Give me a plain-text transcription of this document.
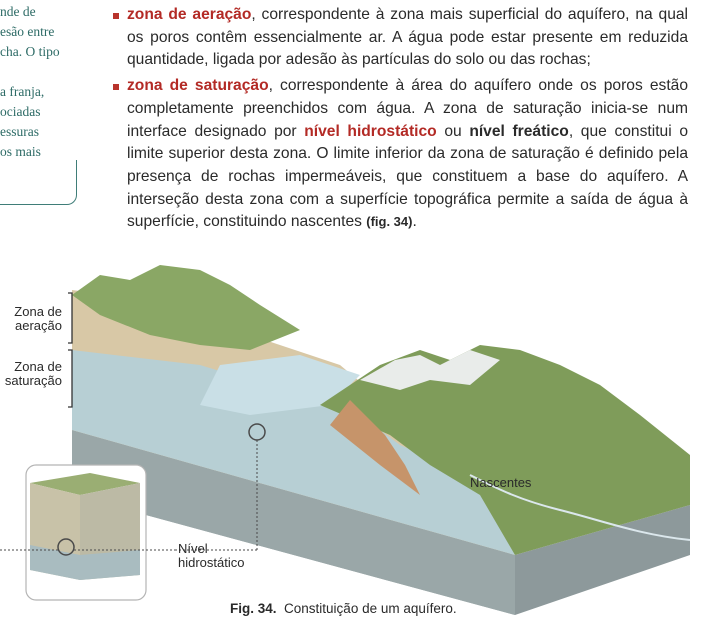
nde de
esão entre
cha. O tipo
a franja,
ociadas
essuras
os mais

zona de aeração, correspondente à zona mais superficial do aquífero, na qual os poros contêm essencialmente ar. A água pode estar presente em reduzida quantidade, ligada por adesão às partículas do solo ou das rochas;

zona de saturação, correspondente à área do aquífero onde os poros estão completamente preenchidos com água. A zona de saturação inicia-se num interface designado por nível hidrostático ou nível freático, que constitui o limite superior desta zona. O limite inferior da zona de saturação é definido pela presença de rochas impermeáveis, que constituem a base do aquífero. A interseção desta zona com a superfície topográfica permite a saída de água à superfície, constituindo nascentes (fig. 34).

Zona de
aeração
Zona de
saturação
Nascentes
Nível
hidrostático
Fig. 34. Constituição de um aquífero.
